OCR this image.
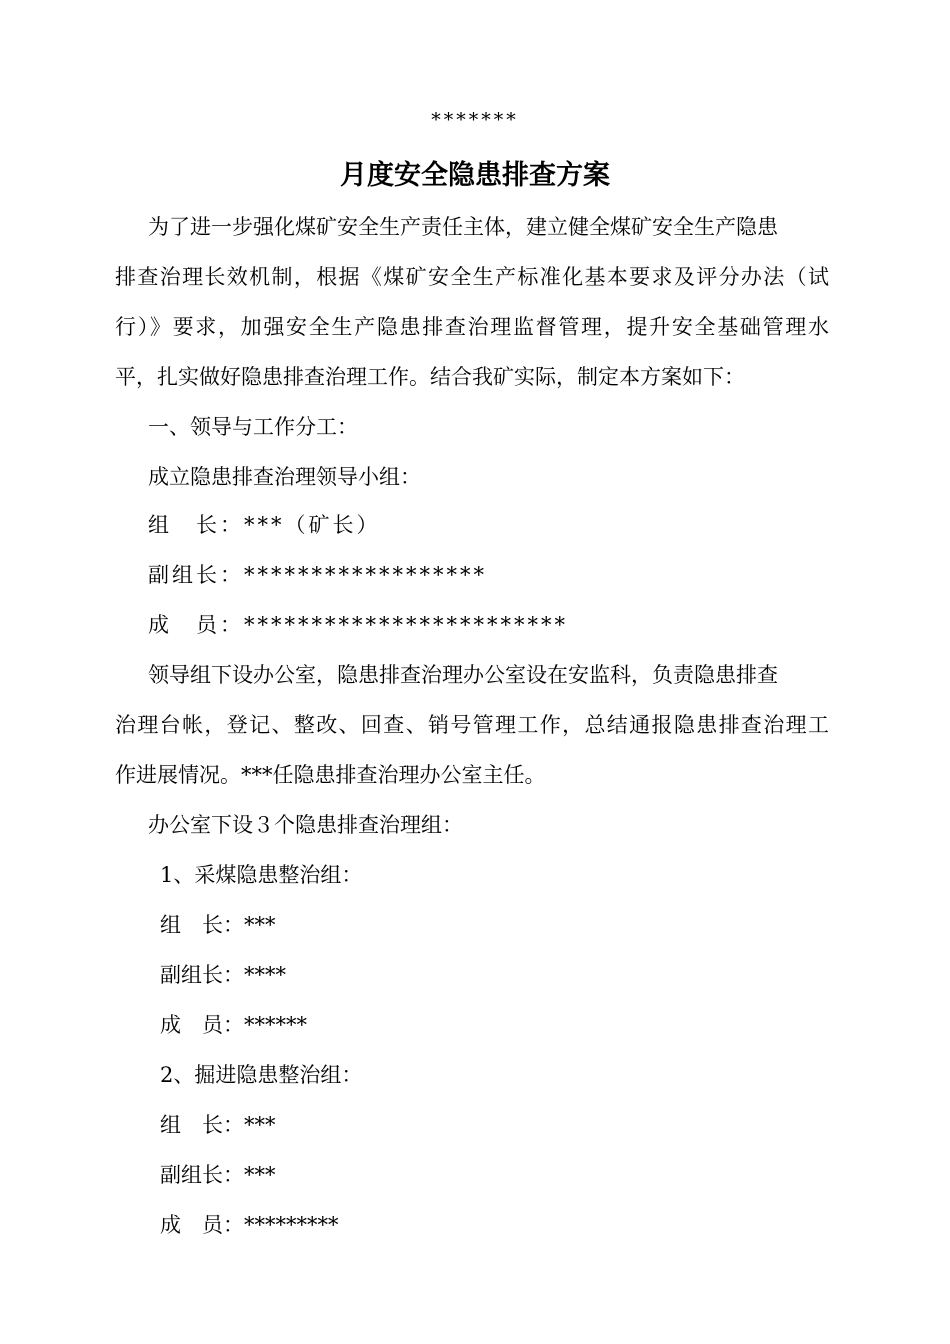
*******
月度安全隐患排查方案
为了进一步强化煤矿安全生产责任主体，建立健全煤矿安全生产隐患
排查治理长效机制，根据《煤矿安全生产标准化基本要求及评分办法（试
行）》要求，加强安全生产隐患排查治理监督管理，提升安全基础管理水
平，扎实做好隐患排查治理工作。结合我矿实际，制定本方案如下：
一、领导与工作分工：
成立隐患排查治理领导小组：
组　长：***（矿长）
副组长：******************
成　员：************************
领导组下设办公室，隐患排查治理办公室设在安监科，负责隐患排查
治理台帐，登记、整改、回查、销号管理工作，总结通报隐患排查治理工
作进展情况。***任隐患排查治理办公室主任。
办公室下设３个隐患排查治理组：
1、采煤隐患整治组：
组　长：***
副组长：****
成　员：******
2、掘进隐患整治组：
组　长：***
副组长：***
成　员：*********
